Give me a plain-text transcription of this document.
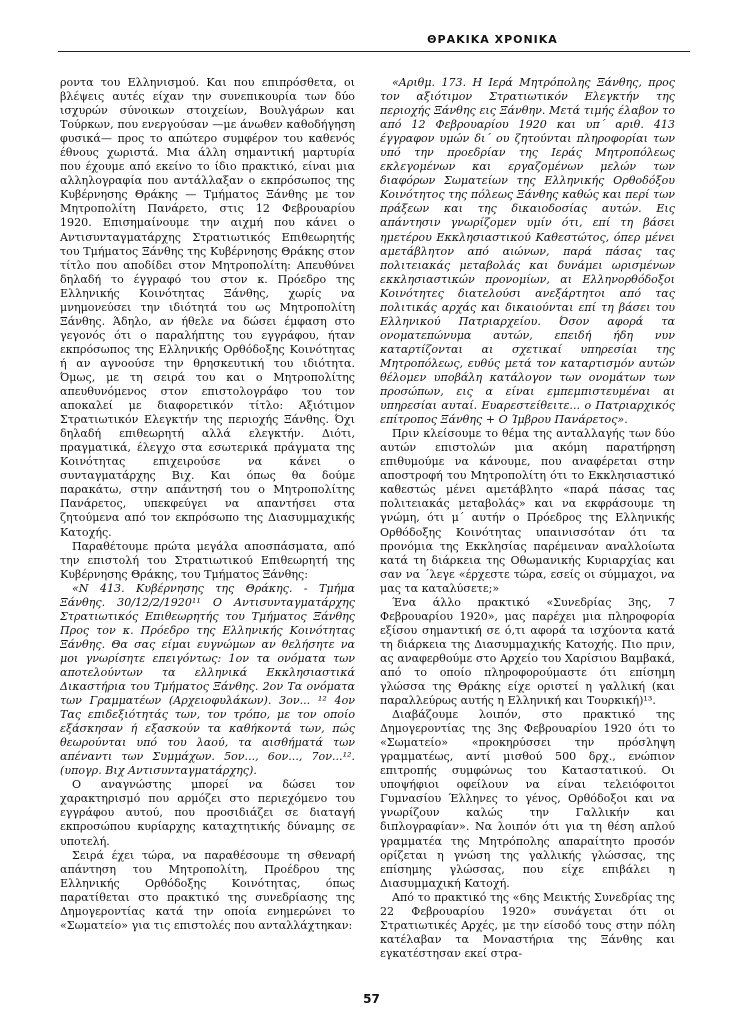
ΘΡΑΚΙΚΑ ΧΡΟΝΙΚΑ

ροντα του Ελληνισμού. Και που επιπρόσθετα, οι βλέψεις αυτές είχαν την συνεπικουρία των δύο ισχυρών σύνοικων στοιχείων, Βουλγάρων και Τούρκων, που ενεργούσαν —με άνωθεν καθοδήγηση φυσικά— προς το απώτερο συμφέρον του καθενός έθνους χωριστά. Μια άλλη σημαντική μαρτυρία που έχουμε από εκείνο το ίδιο πρακτικό, είναι μια αλληλογραφία που αντάλλαξαν ο εκπρόσωπος της Κυβέρνησης Θράκης — Τμήματος Ξάνθης με τον Μητροπολίτη Πανάρετο, στις 12 Φεβρουαρίου 1920. Επισημαίνουμε την αιχμή που κάνει ο Αντισυνταγματάρχης Στρατιωτικός Επιθεωρητής του Τμήματος Ξάνθης της Κυβέρνησης Θράκης στον τίτλο που αποδίδει στον Μητροπολίτη: Απευθύνει δηλαδή το έγγραφό του στον κ. Πρόεδρο της Ελληνικής Κοινότητας Ξάνθης, χωρίς να μνημονεύσει την ιδιότητά του ως Μητροπολίτη Ξάνθης. Άδηλο, αν ήθελε να δώσει έμφαση στο γεγονός ότι ο παραλήπτης του εγγράφου, ήταν εκπρόσωπος της Ελληνικής Ορθόδοξης Κοινότητας ή αν αγνοούσε την θρησκευτική του ιδιότητα. Όμως, με τη σειρά του και ο Μητροπολίτης απευθυνόμενος στον επιστολογράφο του τον αποκαλεί με διαφορετικόν τίτλο: Αξιότιμον Στρατιωτικόν Ελεγκτήν της περιοχής Ξάνθης. Όχι δηλαδή επιθεωρητή αλλά ελεγκτήν. Διότι, πραγματικά, έλεγχο στα εσωτερικά πράγματα της Κοινότητας επιχειρούσε να κάνει ο συνταγματάρχης Βιχ. Και όπως θα δούμε παρακάτω, στην απάντησή του ο Μητροπολίτης Πανάρετος, υπεκφεύγει να απαντήσει στα ζητούμενα από τον εκπρόσωπο της Διασυμμαχικής Κατοχής.

Παραθέτουμε πρώτα μεγάλα αποσπάσματα, από την επιστολή του Στρατιωτικού Επιθεωρητή της Κυβέρνησης Θράκης, του Τμήματος Ξάνθης:

«Ν 413. Κυβέρνησης της Θράκης. - Τμήμα Ξάνθης. 30/12/2/1920¹¹ Ο Αντισυνταγματάρχης Στρατιωτικός Επιθεωρητής του Τμήματος Ξάνθης Προς τον κ. Πρόεδρο της Ελληνικής Κοινότητας Ξάνθης. Θα σας είμαι ευγνώμων αν θελήσητε να μοι γνωρίσητε επειγόντως: 1ον τα ονόματα των αποτελούντων τα ελληνικά Εκκλησιαστικά Δικαστήρια του Τμήματος Ξάνθης. 2ον Τα ονόματα των Γραμματέων (Αρχειοφυλάκων). 3ον... ¹² 4ον Τας επιδεξιότητάς των, τον τρόπο, με τον οποίο εξάσκησαν ή εξασκούν τα καθήκοντά των, πώς θεωρούνται υπό του λαού, τα αισθήματά των απέναντι των Συμμάχων. 5ον..., 6ον..., 7ον...¹². (υπογρ. Βιχ Αντισυνταγματάρχης).

Ο αναγνώστης μπορεί να δώσει τον χαρακτηρισμό που αρμόζει στο περιεχόμενο του εγγράφου αυτού, που προσιδιάζει σε διαταγή εκπροσώπου κυρίαρχης καταχτητικής δύναμης σε υποτελή.

Σειρά έχει τώρα, να παραθέσουμε τη σθεναρή απάντηση του Μητροπολίτη, Προέδρου της Ελληνικής Ορθόδοξης Κοινότητας, όπως παρατίθεται στο πρακτικό της συνεδρίασης της Δημογεροντίας κατά την οποία ενημερώνει το «Σωματείο» για τις επιστολές που ανταλλάχτηκαν:

«Αριθμ. 173. Η Ιερά Μητρόπολης Ξάνθης, προς τον αξιότιμον Στρατιωτικόν Ελεγκτήν της περιοχής Ξάνθης εις Ξάνθην. Μετά τιμής έλαβον το από 12 Φεβρουαρίου 1920 και υπ΄ αριθ. 413 έγγραφον υμών δι΄ ου ζητούνται πληροφορίαι των υπό την προεδρίαν της Ιεράς Μητροπόλεως εκλεγομένων και εργαζομένων μελών των διαφόρων Σωματείων της Ελληνικής Ορθοδόξου Κοινότητος της πόλεως Ξάνθης καθώς και περί των πράξεων και της δικαιοδοσίας αυτών. Εις απάντησιν γνωρίζομεν υμίν ότι, επί τη βάσει ημετέρου Εκκλησιαστικού Καθεστώτος, όπερ μένει αμετάβλητον από αιώνων, παρά πάσας τας πολιτειακάς μεταβολάς και δυνάμει ωρισμένων εκκλησιαστικών προνομίων, αι Ελληνορθόδοξοι Κοινότητες διατελούσι ανεξάρτητοι από τας πολιτικάς αρχάς και δικαιούνται επί τη βάσει του Ελληνικού Πατριαρχείου. Όσον αφορά τα ονοματεπώνυμα αυτών, επειδή ήδη νυν καταρτίζονται αι σχετικαί υπηρεσίαι της Μητροπόλεως, ευθύς μετά τον καταρτισμόν αυτών θέλομεν υποβάλη κατάλογον των ονομάτων των προσώπων, εις α είναι εμπεμπιστευμέναι αι υπηρεσίαι αυταί. Ευαρεστείθειτε... ο Πατριαρχικός επίτροπος Ξάνθης + Ο Ίμβρου Πανάρετος».

Πριν κλείσουμε το θέμα της ανταλλαγής των δύο αυτών επιστολών μια ακόμη παρατήρηση επιθυμούμε να κάνουμε, που αναφέρεται στην αποστροφή του Μητροπολίτη ότι το Εκκλησιαστικό καθεστώς μένει αμετάβλητο «παρά πάσας τας πολιτειακάς μεταβολάς» και να εκφράσουμε τη γνώμη, ότι μ΄ αυτήν ο Πρόεδρος της Ελληνικής Ορθόδοξης Κοινότητας υπαινισσόταν ότι τα προνόμια της Εκκλησίας παρέμειναν αναλλοίωτα κατά τη διάρκεια της Οθωμανικής Κυριαρχίας και σαν να ΄λεγε «έρχεστε τώρα, εσείς οι σύμμαχοι, να μας τα καταλύσετε;»

Ένα άλλο πρακτικό «Συνεδρίας 3ης, 7 Φεβρουαρίου 1920», μας παρέχει μια πληροφορία εξίσου σημαντική σε ό,τι αφορά τα ισχύοντα κατά τη διάρκεια της Διασυμμαχικής Κατοχής. Πιο πριν, ας αναφερθούμε στο Αρχείο του Χαρίσιου Βαμβακά, από το οποίο πληροφορούμαστε ότι επίσημη γλώσσα της Θράκης είχε οριστεί η γαλλική (και παραλλεύρως αυτής η Ελληνική και Τουρκική)¹³.

Διαβάζουμε λοιπόν, στο πρακτικό της Δημογεροντίας της 3ης Φεβρουαρίου 1920 ότι το «Σωματείο» «προκηρύσσει την πρόσληψη γραμματέως, αντί μισθού 500 δρχ., ενώπιον επιτροπής συμφώνως του Καταστατικού. Οι υποψήφιοι οφείλουν να είναι τελειόφοιτοι Γυμνασίου Έλληνες το γένος, Ορθόδοξοι και να γνωρίζουν καλώς την Γαλλικήν και διπλογραφίαν». Να λοιπόν ότι για τη θέση απλού γραμματέα της Μητρόπολης απαραίτητο προσόν ορίζεται η γνώση της γαλλικής γλώσσας, της επίσημης γλώσσας, που είχε επιβάλει η Διασυμμαχική Κατοχή.

Από το πρακτικό της «6ης Μεικτής Συνεδρίας της 22 Φεβρουαρίου 1920» συνάγεται ότι οι Στρατιωτικές Αρχές, με την είσοδό τους στην πόλη κατέλαβαν τα Μοναστήρια της Ξάνθης και εγκατέστησαν εκεί στρα-

57
